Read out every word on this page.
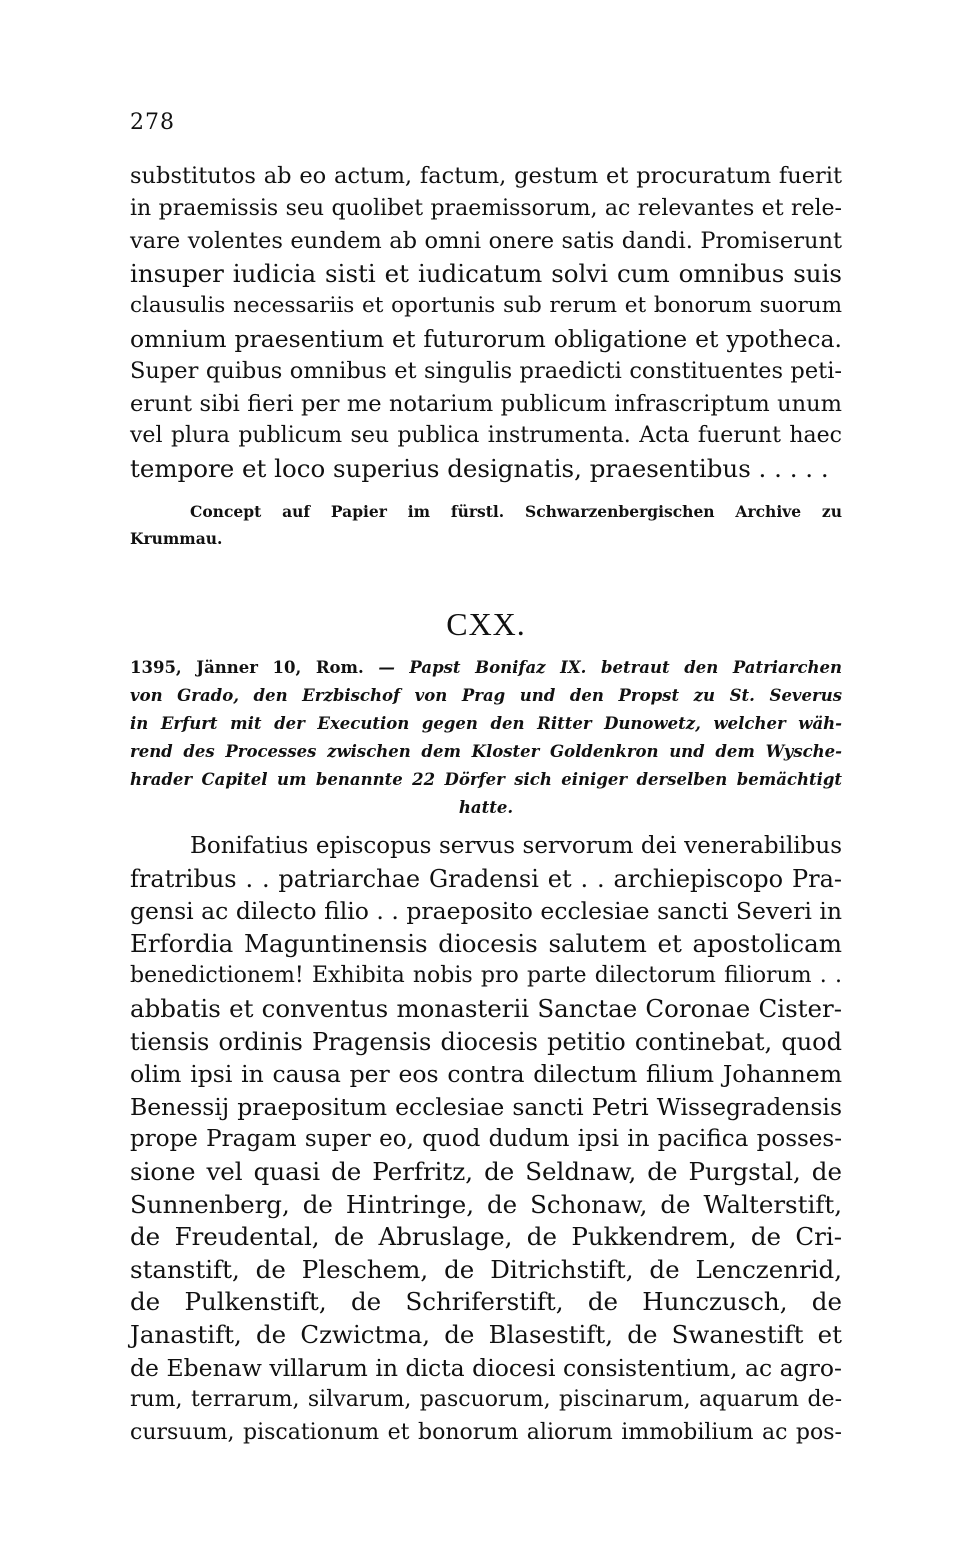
278
substitutos ab eo actum, factum, gestum et procuratum fuerit
in praemissis seu quolibet praemissorum, ac relevantes et rele-
vare volentes eundem ab omni onere satis dandi. Promiserunt
insuper iudicia sisti et iudicatum solvi cum omnibus suis
clausulis necessariis et oportunis sub rerum et bonorum suorum
omnium praesentium et futurorum obligatione et ypotheca.
Super quibus omnibus et singulis praedicti constituentes peti-
erunt sibi fieri per me notarium publicum infrascriptum unum
vel plura publicum seu publica instrumenta. Acta fuerunt haec
tempore et loco superius designatis, praesentibus . . . . .
Concept auf Papier im fürstl. Schwarzenbergischen Archive zu
Krummau.
CXX.
1395, Jänner 10, Rom. — Papst Bonifaz IX. betraut den Patriarchen
von Grado, den Erzbischof von Prag und den Propst zu St. Severus
in Erfurt mit der Execution gegen den Ritter Dunowetz, welcher wäh-
rend des Processes zwischen dem Kloster Goldenkron und dem Wysche-
hrader Capitel um benannte 22 Dörfer sich einiger derselben bemächtigt
hatte.
Bonifatius episcopus servus servorum dei venerabilibus
fratribus . . patriarchae Gradensi et . . archiepiscopo Pra-
gensi ac dilecto filio . . praeposito ecclesiae sancti Severi in
Erfordia Maguntinensis diocesis salutem et apostolicam
benedictionem! Exhibita nobis pro parte dilectorum filiorum . .
abbatis et conventus monasterii Sanctae Coronae Cister-
tiensis ordinis Pragensis diocesis petitio continebat, quod
olim ipsi in causa per eos contra dilectum filium Johannem
Benessij praepositum ecclesiae sancti Petri Wissegradensis
prope Pragam super eo, quod dudum ipsi in pacifica posses-
sione vel quasi de Perfritz, de Seldnaw, de Purgstal, de
Sunnenberg, de Hintringe, de Schonaw, de Walterstift,
de Freudental, de Abruslage, de Pukkendrem, de Cri-
stanstift, de Pleschem, de Ditrichstift, de Lenczenrid,
de Pulkenstift, de Schriferstift, de Hunczusch, de
Janastift, de Czwictma, de Blasestift, de Swanestift et
de Ebenaw villarum in dicta diocesi consistentium, ac agro-
rum, terrarum, silvarum, pascuorum, piscinarum, aquarum de-
cursuum, piscationum et bonorum aliorum immobilium ac pos-
